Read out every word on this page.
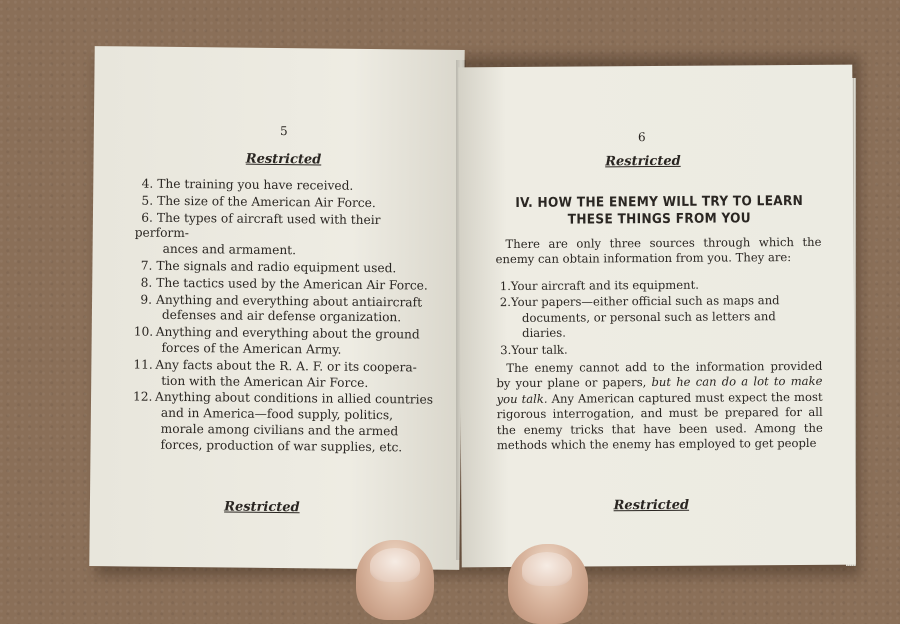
5
Restricted
4. The training you have received.
5. The size of the American Air Force.
6. The types of aircraft used with their perform-
ances and armament.
7. The signals and radio equipment used.
8. The tactics used by the American Air Force.
9. Anything and everything about antiaircraft
defenses and air defense organization.
10. Anything and everything about the ground
forces of the American Army.
11. Any facts about the R. A. F. or its cooperа-
tion with the American Air Force.
12. Anything about conditions in allied countries
and in America—food supply, politics,
morale among civilians and the armed
forces, production of war supplies, etc.
Restricted
6
Restricted
IV. HOW THE ENEMY WILL TRY TO LEARN
THESE THINGS FROM YOU
There are only three sources through which the enemy can obtain information from you. They are:
1.Your aircraft and its equipment.
2.Your papers—either official such as maps and
documents, or personal such as letters and
diaries.
3.Your talk.
The enemy cannot add to the information provided by your plane or papers, but he can do a lot to make you talk. Any American captured must expect the most rigorous interrogation, and must be prepared for all the enemy tricks that have been used. Among the methods which the enemy has employed to get people
Restricted
